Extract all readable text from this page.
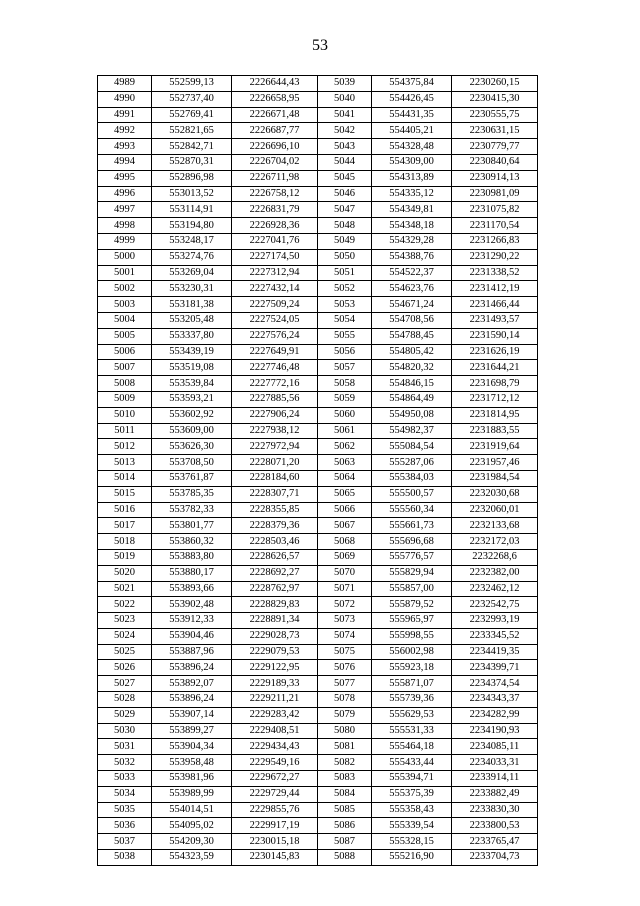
53
4989	552599,13	2226644,43	5039	554375,84	2230260,15
4990	552737,40	2226658,95	5040	554426,45	2230415,30
4991	552769,41	2226671,48	5041	554431,35	2230555,75
4992	552821,65	2226687,77	5042	554405,21	2230631,15
4993	552842,71	2226696,10	5043	554328,48	2230779,77
4994	552870,31	2226704,02	5044	554309,00	2230840,64
4995	552896,98	2226711,98	5045	554313,89	2230914,13
4996	553013,52	2226758,12	5046	554335,12	2230981,09
4997	553114,91	2226831,79	5047	554349,81	2231075,82
4998	553194,80	2226928,36	5048	554348,18	2231170,54
4999	553248,17	2227041,76	5049	554329,28	2231266,83
5000	553274,76	2227174,50	5050	554388,76	2231290,22
5001	553269,04	2227312,94	5051	554522,37	2231338,52
5002	553230,31	2227432,14	5052	554623,76	2231412,19
5003	553181,38	2227509,24	5053	554671,24	2231466,44
5004	553205,48	2227524,05	5054	554708,56	2231493,57
5005	553337,80	2227576,24	5055	554788,45	2231590,14
5006	553439,19	2227649,91	5056	554805,42	2231626,19
5007	553519,08	2227746,48	5057	554820,32	2231644,21
5008	553539,84	2227772,16	5058	554846,15	2231698,79
5009	553593,21	2227885,56	5059	554864,49	2231712,12
5010	553602,92	2227906,24	5060	554950,08	2231814,95
5011	553609,00	2227938,12	5061	554982,37	2231883,55
5012	553626,30	2227972,94	5062	555084,54	2231919,64
5013	553708,50	2228071,20	5063	555287,06	2231957,46
5014	553761,87	2228184,60	5064	555384,03	2231984,54
5015	553785,35	2228307,71	5065	555500,57	2232030,68
5016	553782,33	2228355,85	5066	555560,34	2232060,01
5017	553801,77	2228379,36	5067	555661,73	2232133,68
5018	553860,32	2228503,46	5068	555696,68	2232172,03
5019	553883,80	2228626,57	5069	555776,57	2232268,6
5020	553880,17	2228692,27	5070	555829,94	2232382,00
5021	553893,66	2228762,97	5071	555857,00	2232462,12
5022	553902,48	2228829,83	5072	555879,52	2232542,75
5023	553912,33	2228891,34	5073	555965,97	2232993,19
5024	553904,46	2229028,73	5074	555998,55	2233345,52
5025	553887,96	2229079,53	5075	556002,98	2234419,35
5026	553896,24	2229122,95	5076	555923,18	2234399,71
5027	553892,07	2229189,33	5077	555871,07	2234374,54
5028	553896,24	2229211,21	5078	555739,36	2234343,37
5029	553907,14	2229283,42	5079	555629,53	2234282,99
5030	553899,27	2229408,51	5080	555531,33	2234190,93
5031	553904,34	2229434,43	5081	555464,18	2234085,11
5032	553958,48	2229549,16	5082	555433,44	2234033,31
5033	553981,96	2229672,27	5083	555394,71	2233914,11
5034	553989,99	2229729,44	5084	555375,39	2233882,49
5035	554014,51	2229855,76	5085	555358,43	2233830,30
5036	554095,02	2229917,19	5086	555339,54	2233800,53
5037	554209,30	2230015,18	5087	555328,15	2233765,47
5038	554323,59	2230145,83	5088	555216,90	2233704,73
